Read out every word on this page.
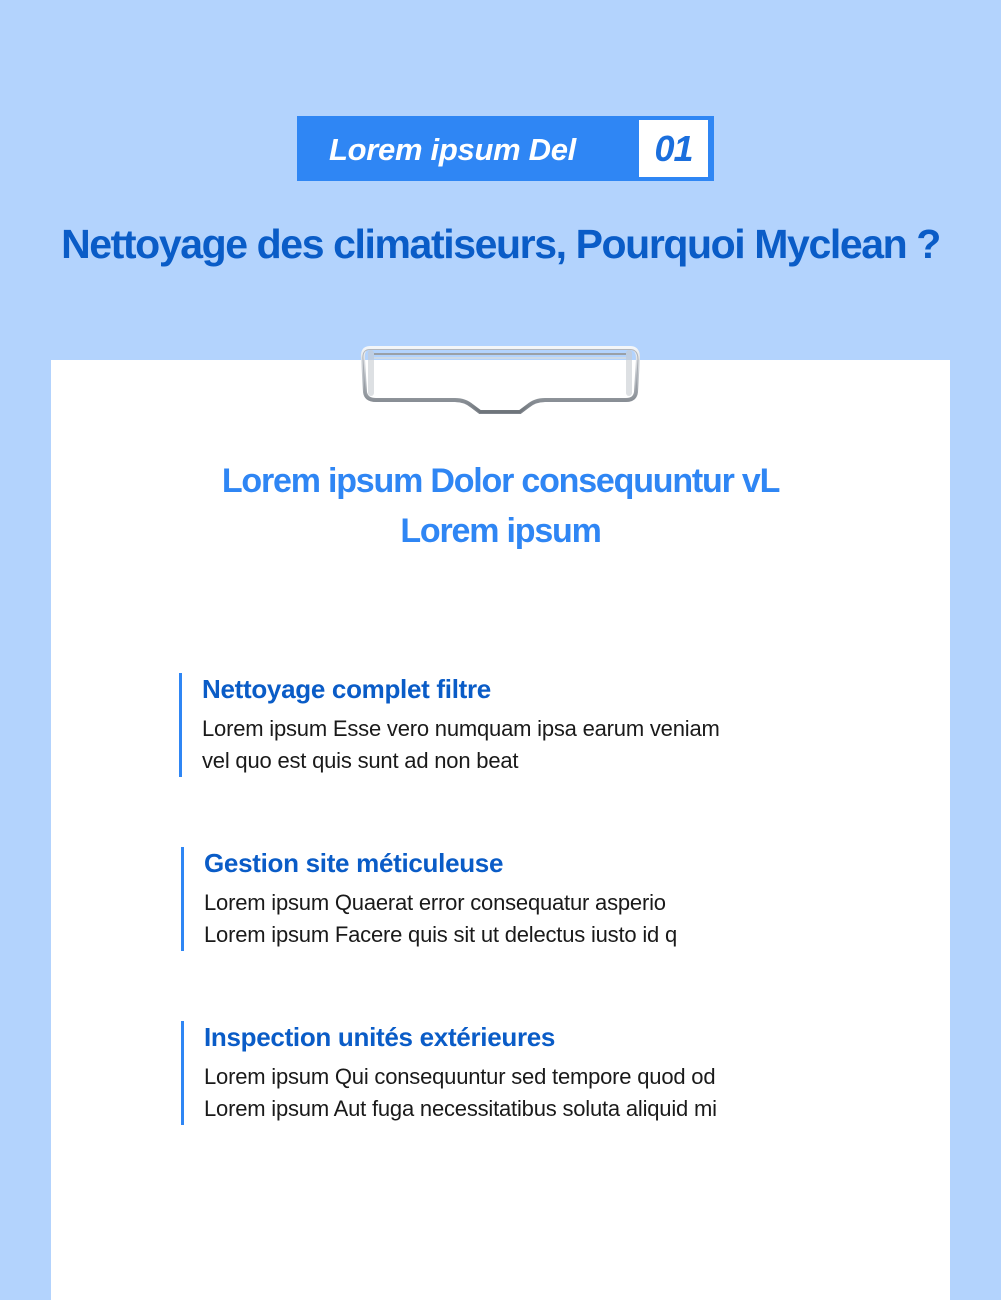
Lorem ipsum Del	01
Nettoyage des climatiseurs, Pourquoi Myclean ?
Lorem ipsum Dolor consequuntur vL
Lorem ipsum
Nettoyage complet filtre

Lorem ipsum Esse vero numquam ipsa earum veniam
vel quo est quis sunt ad non beat

Gestion site méticuleuse

Lorem ipsum Quaerat error consequatur asperio
Lorem ipsum Facere quis sit ut delectus iusto id q

Inspection unités extérieures

Lorem ipsum Qui consequuntur sed tempore quod od
Lorem ipsum Aut fuga necessitatibus soluta aliquid mi
